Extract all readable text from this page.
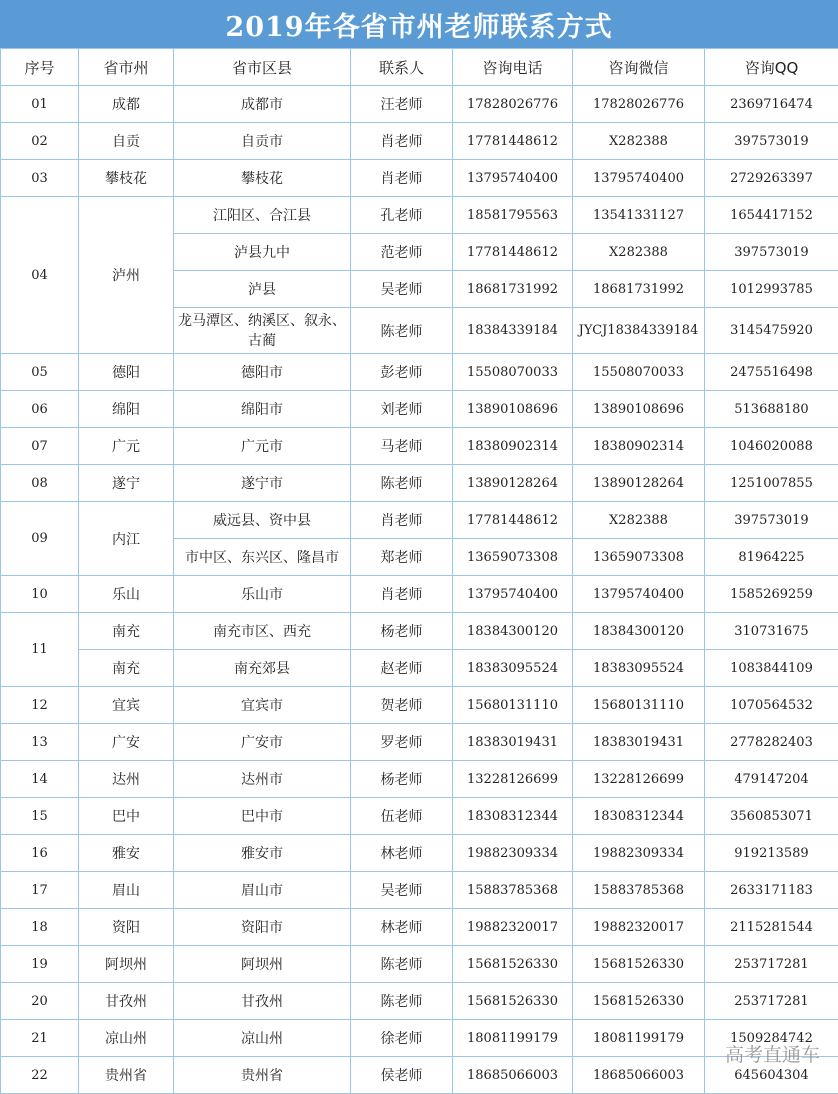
2019年各省市州老师联系方式
序号	省市州	省市区县	联系人	咨询电话	咨询微信	咨询QQ
01	成都	成都市	汪老师	17828026776	17828026776	2369716474
02	自贡	自贡市	肖老师	17781448612	X282388	397573019
03	攀枝花	攀枝花	肖老师	13795740400	13795740400	2729263397
04	泸州	江阳区、合江县	孔老师	18581795563	13541331127	1654417152
		泸县九中	范老师	17781448612	X282388	397573019
		泸县	吴老师	18681731992	18681731992	1012993785
		龙马潭区、纳溪区、叙永、古蔺	陈老师	18384339184	JYCJ18384339184	3145475920
05	德阳	德阳市	彭老师	15508070033	15508070033	2475516498
06	绵阳	绵阳市	刘老师	13890108696	13890108696	513688180
07	广元	广元市	马老师	18380902314	18380902314	1046020088
08	遂宁	遂宁市	陈老师	13890128264	13890128264	1251007855
09	内江	威远县、资中县	肖老师	17781448612	X282388	397573019
		市中区、东兴区、隆昌市	郑老师	13659073308	13659073308	81964225
10	乐山	乐山市	肖老师	13795740400	13795740400	1585269259
11	南充	南充市区、西充	杨老师	18384300120	18384300120	310731675
	南充	南充郊县	赵老师	18383095524	18383095524	1083844109
12	宜宾	宜宾市	贺老师	15680131110	15680131110	1070564532
13	广安	广安市	罗老师	18383019431	18383019431	2778282403
14	达州	达州市	杨老师	13228126699	13228126699	479147204
15	巴中	巴中市	伍老师	18308312344	18308312344	3560853071
16	雅安	雅安市	林老师	19882309334	19882309334	919213589
17	眉山	眉山市	吴老师	15883785368	15883785368	2633171183
18	资阳	资阳市	林老师	19882320017	19882320017	2115281544
19	阿坝州	阿坝州	陈老师	15681526330	15681526330	253717281
20	甘孜州	甘孜州	陈老师	15681526330	15681526330	253717281
21	凉山州	凉山州	徐老师	18081199179	18081199179	1509284742
22	贵州省	贵州省	侯老师	18685066003	18685066003	645604304
高考直通车
